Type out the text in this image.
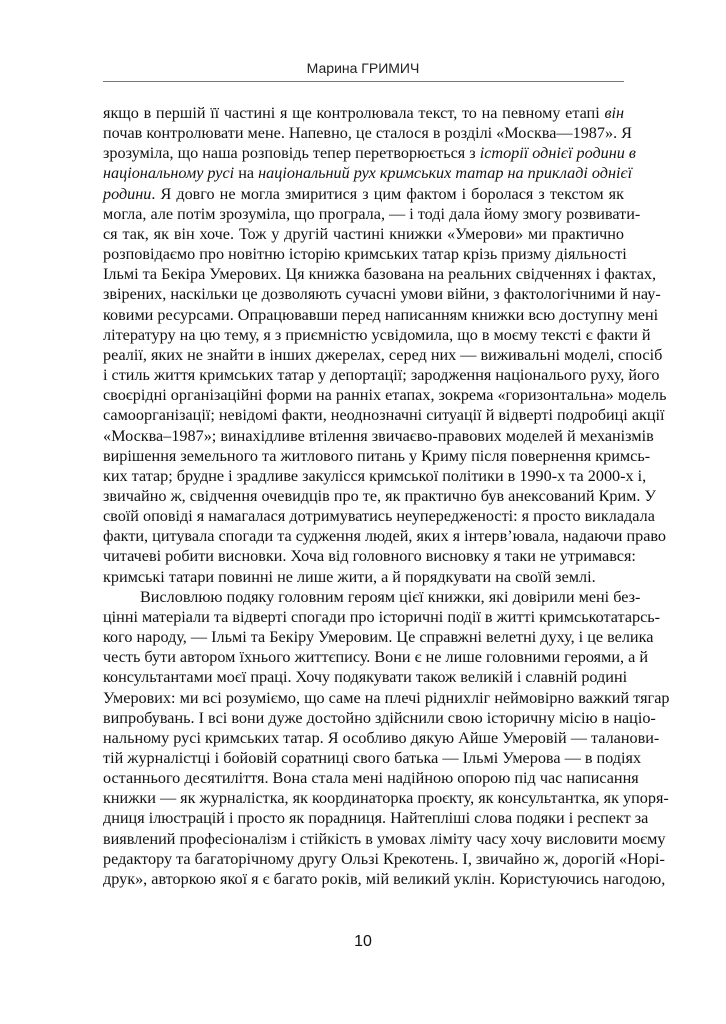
Марина ГРИМИЧ
якщо в першій її частині я ще контролювала текст, то на певному етапі він
почав контролювати мене. Напевно, це сталося в розділі «Москва—1987». Я
зрозуміла, що наша розповідь тепер перетворюється з історії однієї родини в
національному русі на національний рух кримських татар на прикладі однієї
родини. Я довго не могла змиритися з цим фактом і боролася з текстом як
могла, але потім зрозуміла, що програла, — і тоді дала йому змогу розвивати-
ся так, як він хоче. Тож у другій частині книжки «Умерови» ми практично
розповідаємо про новітню історію кримських татар крізь призму діяльності
Ільмі та Бекіра Умерових. Ця книжка базована на реальних свідченнях і фактах,
звірених, наскільки це дозволяють сучасні умови війни, з фактологічними й нау-
ковими ресурсами. Опрацювавши перед написанням книжки всю доступну мені
літературу на цю тему, я з приємністю усвідомила, що в моєму тексті є факти й
реалії, яких не знайти в інших джерелах, серед них — виживальні моделі, спосіб
і стиль життя кримських татар у депортації; зародження національого руху, його
своєрідні організаційні форми на ранніх етапах, зокрема «горизонтальна» модель
самоорганізації; невідомі факти, неоднозначні ситуації й відверті подробиці акції
«Москва–1987»; винахідливе втілення звичаєво-правових моделей й механізмів
вирішення земельного та житлового питань у Криму після повернення кримсь-
ких татар; брудне і зрадливе закулісся кримської політики в 1990-х та 2000-х і,
звичайно ж, свідчення очевидців про те, як практично був анексований Крим. У
своїй оповіді я намагалася дотримуватись неупередженості: я просто викладала
факти, цитувала спогади та судження людей, яких я інтерв’ювала, надаючи право
читачеві робити висновки. Хоча від головного висновку я таки не утримався:
кримські татари повинні не лише жити, а й порядкувати на своїй землі.
Висловлюю подяку головним героям цієї книжки, які довірили мені без-
цінні матеріали та відверті спогади про історичні події в житті кримськотатарсь-
кого народу, — Ільмі та Бекіру Умеровим. Це справжні велетні духу, і це велика
честь бути автором їхнього життєпису. Вони є не лише головними героями, а й
консультантами моєї праці. Хочу подякувати також великій і славній родині
Умерових: ми всі розуміємо, що саме на плечі ріднихліг неймовірно важкий тягар
випробувань. І всі вони дуже достойно здійснили свою історичну місію в націо-
нальному русі кримських татар. Я особливо дякую Айше Умеровій — таланови-
тій журналістці і бойовій соратниці свого батька — Ільмі Умерова — в подіях
останнього десятиліття. Вона стала мені надійною опорою під час написання
книжки — як журналістка, як координаторка проєкту, як консультантка, як упоря-
дниця ілюстрацій і просто як порадниця. Найтепліші слова подяки і респект за
виявлений професіоналізм і стійкість в умовах ліміту часу хочу висловити моєму
редактору та багаторічному другу Ользі Крекотень. І, звичайно ж, дорогій «Норі-
друк», авторкою якої я є багато років, мій великий уклін. Користуючись нагодою,
10
